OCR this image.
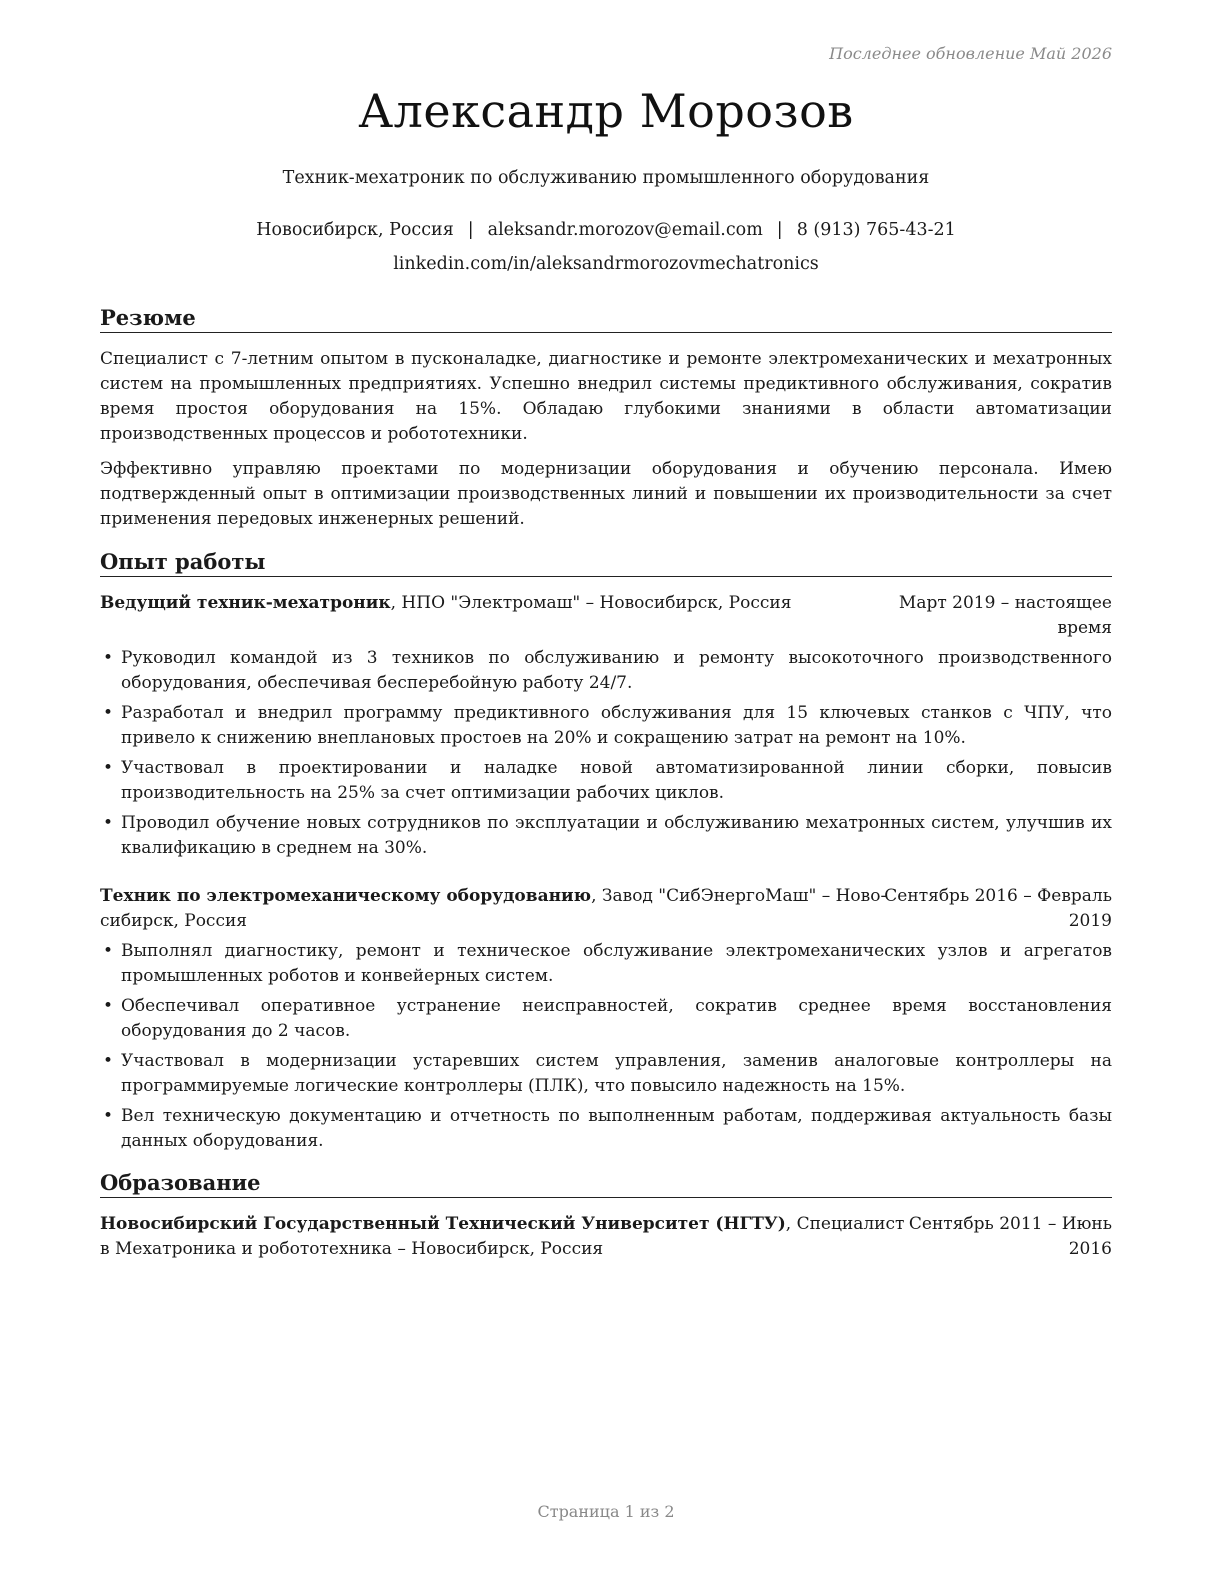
Последнее обновление Май 2026
Александр Морозов
Техник-мехатроник по обслуживанию промышленного оборудования
Новосибирск, Россия | aleksandr.morozov@email.com | 8 (913) 765-43-21
linkedin.com/in/aleksandrmorozovmechatronics
Резюме
Специалист с 7-летним опытом в пусконаладке, диагностике и ремонте электромеханических и мехатронных систем на промышленных предприятиях. Успешно внедрил системы предиктивного обслуживания, сократив время простоя оборудования на 15%. Обладаю глубокими знаниями в области автоматизации производственных процессов и робототехники.
Эффективно управляю проектами по модернизации оборудования и обучению персонала. Имею подтвержденный опыт в оптимизации производственных линий и повышении их производительности за счет применения передовых инженерных решений.
Опыт работы
Ведущий техник-мехатроник, НПО "Электромаш" – Новосибирск, Россия	Март 2019 – настоящее
время
• Руководил командой из 3 техников по обслуживанию и ремонту высокоточного производственного оборудования, обеспечивая бесперебойную работу 24/7.
• Разработал и внедрил программу предиктивного обслуживания для 15 ключевых станков с ЧПУ, что привело к снижению внеплановых простоев на 20% и сокращению затрат на ремонт на 10%.
• Участвовал в проектировании и наладке новой автоматизированной линии сборки, повысив производительность на 25% за счет оптимизации рабочих циклов.
• Проводил обучение новых сотрудников по эксплуатации и обслуживанию мехатронных систем, улучшив их квалификацию в среднем на 30%.
Техник по электромеханическому оборудованию, Завод "СибЭнергоМаш" – Ново-
сибирск, Россия
Сентябрь 2016 – Февраль
2019
• Выполнял диагностику, ремонт и техническое обслуживание электромеханических узлов и агрегатов промышленных роботов и конвейерных систем.
• Обеспечивал оперативное устранение неисправностей, сократив среднее время восстановления оборудования до 2 часов.
• Участвовал в модернизации устаревших систем управления, заменив аналоговые контроллеры на программируемые логические контроллеры (ПЛК), что повысило надежность на 15%.
• Вел техническую документацию и отчетность по выполненным работам, поддерживая актуальность базы данных оборудования.
Образование
Новосибирский Государственный Технический Университет (НГТУ), Специалист
в Мехатроника и робототехника – Новосибирск, Россия
Сентябрь 2011 – Июнь
2016
Страница 1 из 2
